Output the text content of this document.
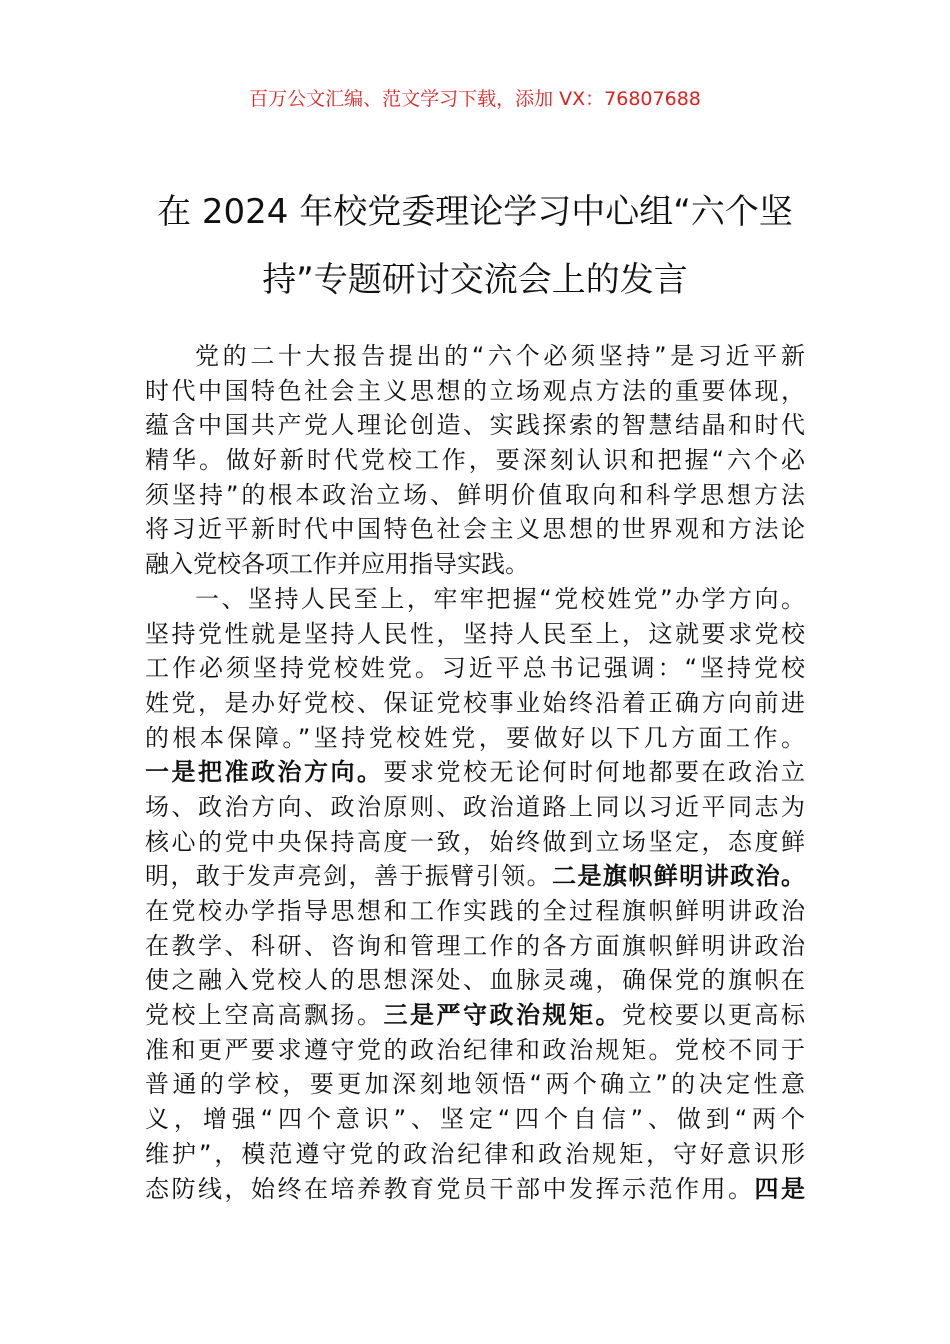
百万公文汇编、范文学习下载，添加 VX：76807688
在 2024 年校党委理论学习中心组“六个坚
持”专题研讨交流会上的发言
党的二十大报告提出的“六个必须坚持”是习近平新
时代中国特色社会主义思想的立场观点方法的重要体现，
蕴含中国共产党人理论创造、实践探索的智慧结晶和时代
精华。做好新时代党校工作，要深刻认识和把握“六个必
须坚持”的根本政治立场、鲜明价值取向和科学思想方法
将习近平新时代中国特色社会主义思想的世界观和方法论
融入党校各项工作并应用指导实践。
一、坚持人民至上，牢牢把握“党校姓党”办学方向。
坚持党性就是坚持人民性，坚持人民至上，这就要求党校
工作必须坚持党校姓党。习近平总书记强调：“坚持党校
姓党，是办好党校、保证党校事业始终沿着正确方向前进
的根本保障。”坚持党校姓党，要做好以下几方面工作。
一是把准政治方向。要求党校无论何时何地都要在政治立
场、政治方向、政治原则、政治道路上同以习近平同志为
核心的党中央保持高度一致，始终做到立场坚定，态度鲜
明，敢于发声亮剑，善于振臂引领。二是旗帜鲜明讲政治。
在党校办学指导思想和工作实践的全过程旗帜鲜明讲政治
在教学、科研、咨询和管理工作的各方面旗帜鲜明讲政治
使之融入党校人的思想深处、血脉灵魂，确保党的旗帜在
党校上空高高飘扬。三是严守政治规矩。党校要以更高标
准和更严要求遵守党的政治纪律和政治规矩。党校不同于
普通的学校，要更加深刻地领悟“两个确立”的决定性意
义，增强“四个意识”、坚定“四个自信”、做到“两个
维护”，模范遵守党的政治纪律和政治规矩，守好意识形
态防线，始终在培养教育党员干部中发挥示范作用。四是
